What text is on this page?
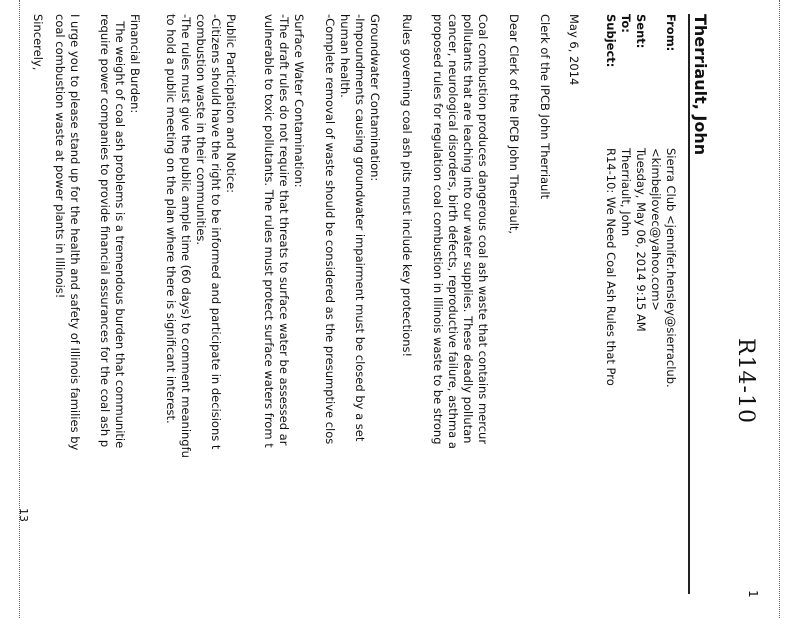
1
R14-10
Therriault, John
From:
Sierra Club <jennifer.hensley@sierraclub.
<kimbejlovec@yahoo.com>
Sent:
Tuesday, May 06, 2014 9:15 AM
To:
Therriault, John
Subject:
R14-10: We Need Coal Ash Rules that Pro
May 6, 2014
Clerk of the IPCB John Therriault
Dear Clerk of the IPCB John Therriault,
Coal combustion produces dangerous coal ash waste that contains mercur
pollutants that are leaching into our water supplies. These deadly pollutan
cancer, neurological disorders, birth defects, reproductive failure, asthma a
proposed rules for regulation coal combustion in Illinois waste to be strong
Rules governing coal ash pits must include key protections!
Groundwater Contamination:
-Impoundments causing groundwater impairment must be closed by a set
human health.
-Complete removal of waste should be considered as the presumptive clos
Surface Water Contamination:
-The draft rules do not require that threats to surface water be assessed ar
vulnerable to toxic pollutants. The rules must protect surface waters from t
Public Participation and Notice:
-Citizens should have the right to be informed and participate in decisions t
combustion waste in their communities.
-The rules must give the public ample time (60 days) to comment meaningfu
to hold a public meeting on the plan where there is significant interest.
Financial Burden:
The weight of coal ash problems is a tremendous burden that communitie
require power companies to provide financial assurances for the coal ash p
I urge you to please stand up for the health and safety of Illinois families by
coal combustion waste at power plants in Illinois!
Sincerely,
13
